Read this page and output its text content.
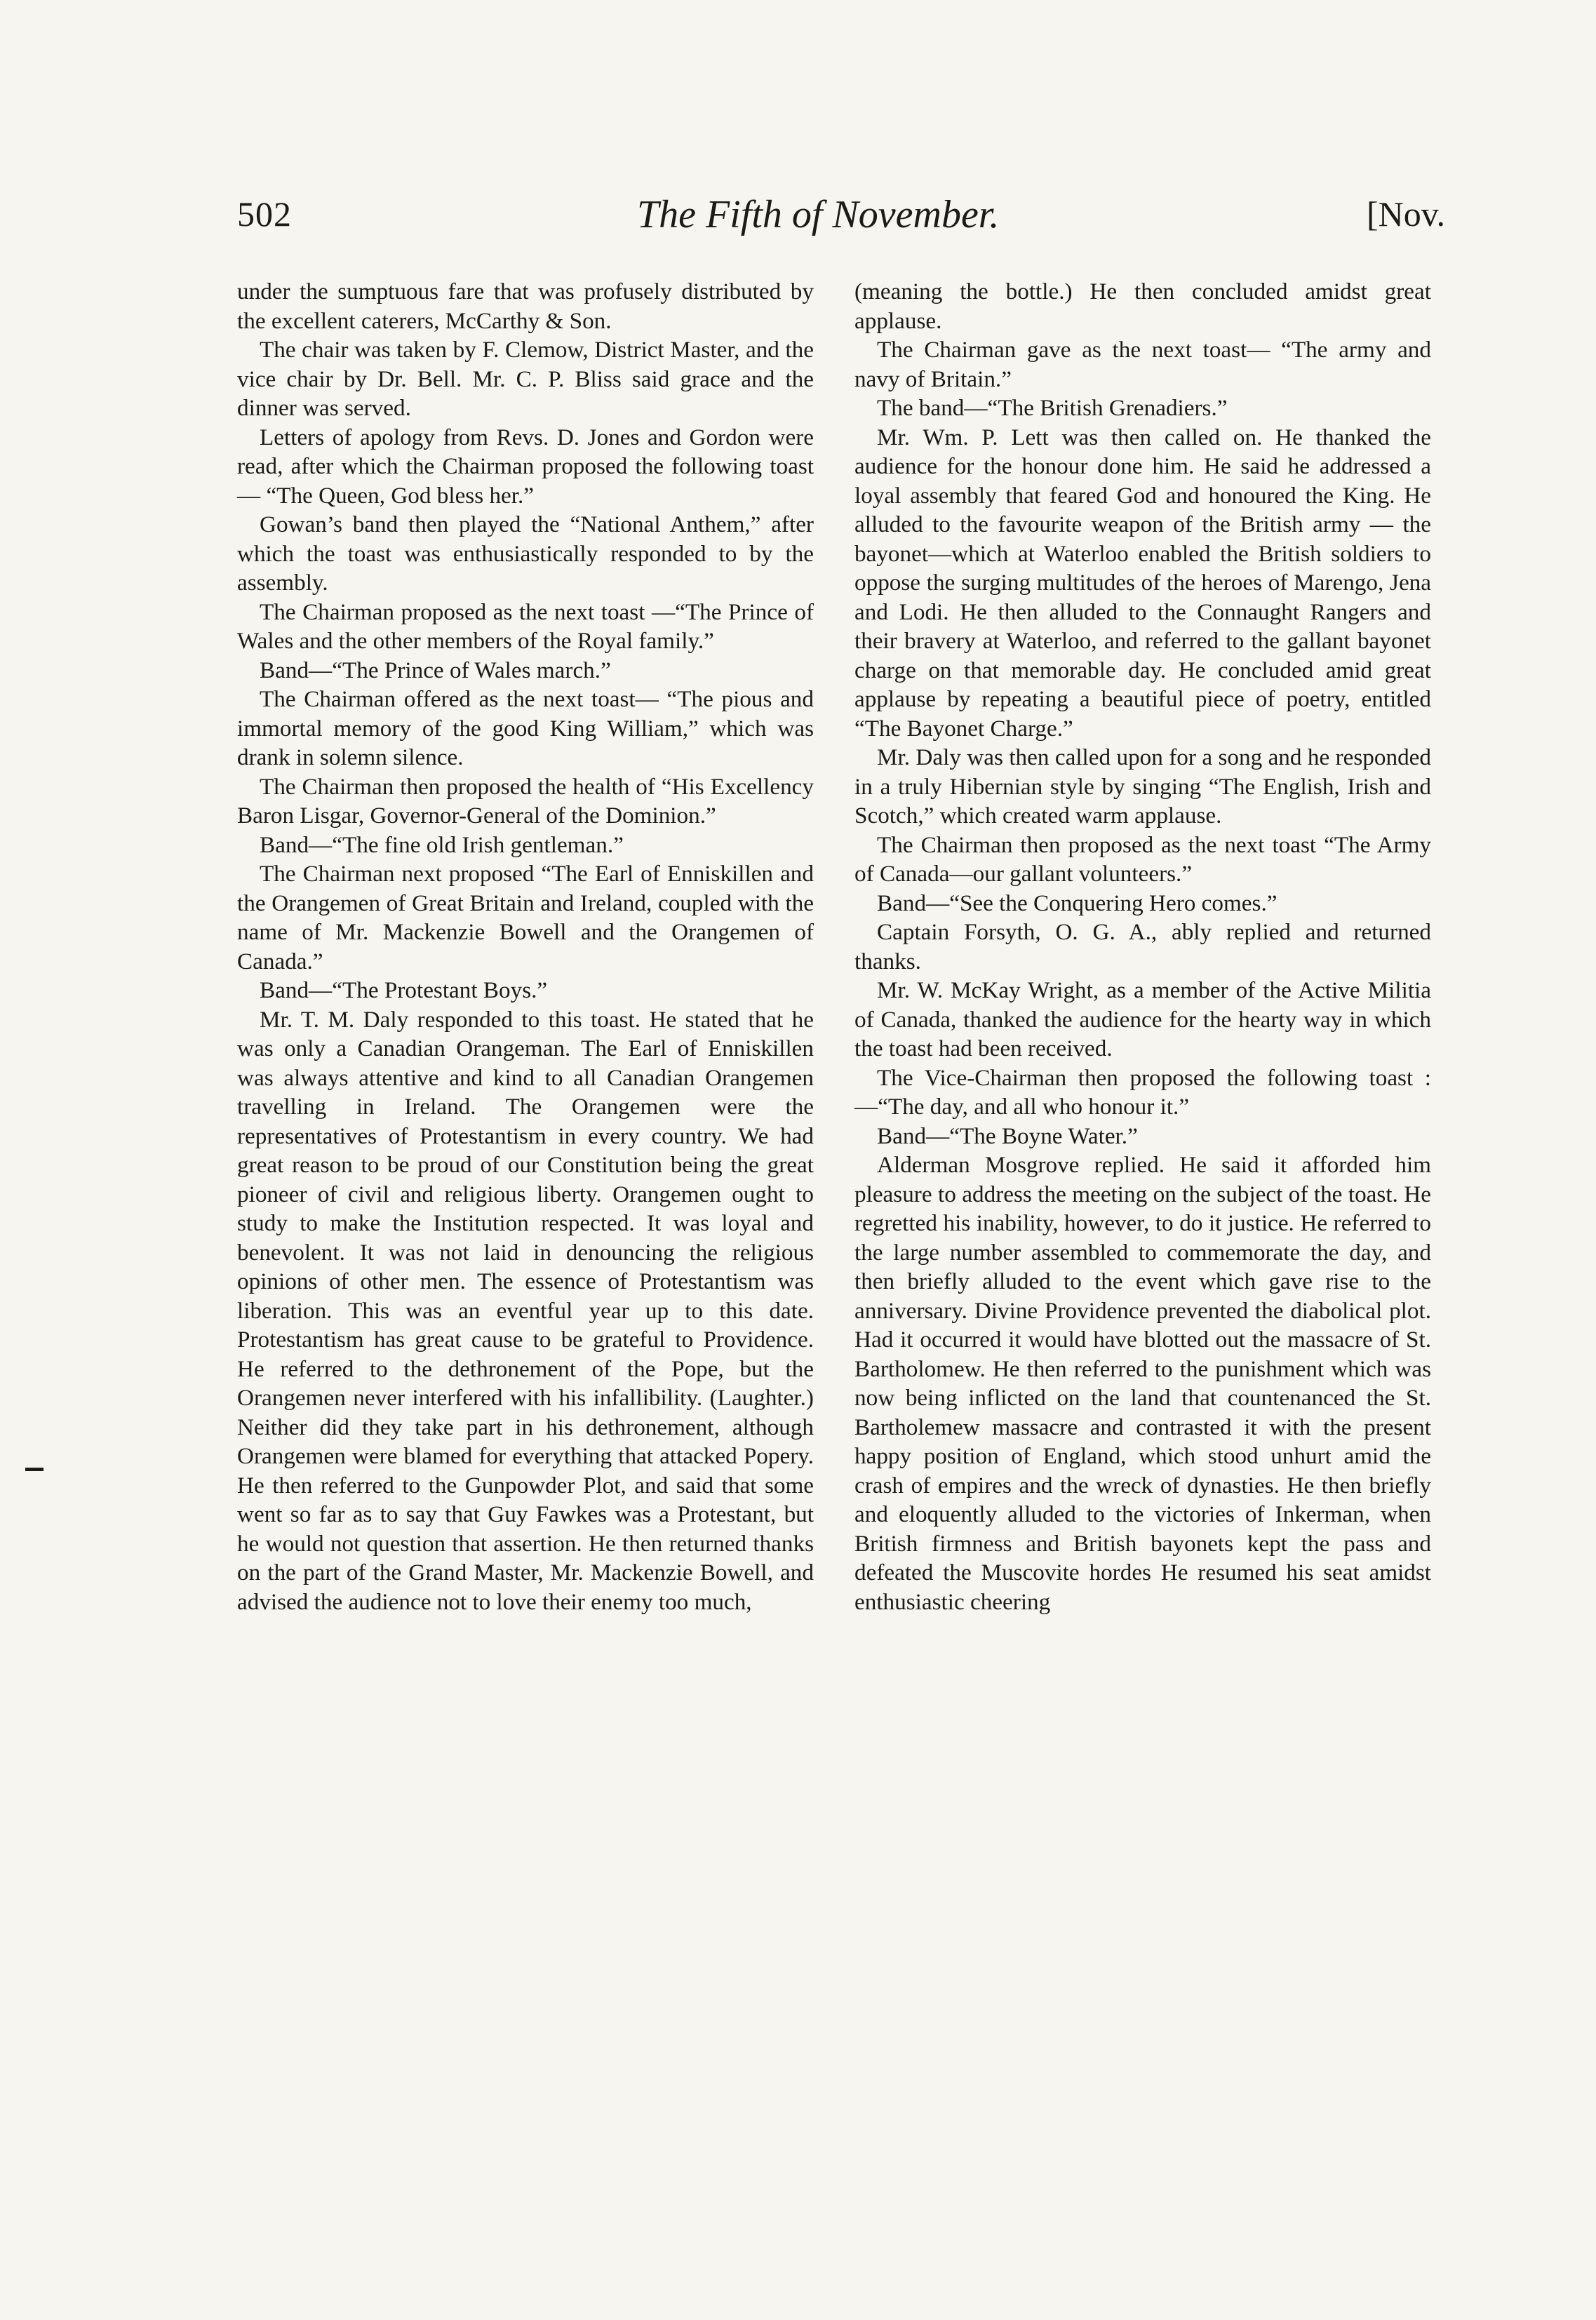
502	The Fifth of November.	[Nov.

under the sumptuous fare that was profusely distributed by the excellent caterers, McCarthy & Son.

The chair was taken by F. Clemow, District Master, and the vice chair by Dr. Bell. Mr. C. P. Bliss said grace and the dinner was served.

Letters of apology from Revs. D. Jones and Gordon were read, after which the Chairman proposed the following toast— “The Queen, God bless her.”

Gowan’s band then played the “National Anthem,” after which the toast was enthusiastically responded to by the assembly.

The Chairman proposed as the next toast —“The Prince of Wales and the other members of the Royal family.”

Band—“The Prince of Wales march.”

The Chairman offered as the next toast— “The pious and immortal memory of the good King William,” which was drank in solemn silence.

The Chairman then proposed the health of “His Excellency Baron Lisgar, Governor-General of the Dominion.”

Band—“The fine old Irish gentleman.”

The Chairman next proposed “The Earl of Enniskillen and the Orangemen of Great Britain and Ireland, coupled with the name of Mr. Mackenzie Bowell and the Orangemen of Canada.”

Band—“The Protestant Boys.”

Mr. T. M. Daly responded to this toast. He stated that he was only a Canadian Orangeman. The Earl of Enniskillen was always attentive and kind to all Canadian Orangemen travelling in Ireland. The Orangemen were the representatives of Protestantism in every country. We had great reason to be proud of our Constitution being the great pioneer of civil and religious liberty. Orangemen ought to study to make the Institution respected. It was loyal and benevolent. It was not laid in denouncing the religious opinions of other men. The essence of Protestantism was liberation. This was an eventful year up to this date. Protestantism has great cause to be grateful to Providence. He referred to the dethronement of the Pope, but the Orangemen never interfered with his infallibility. (Laughter.) Neither did they take part in his dethronement, although Orangemen were blamed for everything that attacked Popery. He then referred to the Gunpowder Plot, and said that some went so far as to say that Guy Fawkes was a Protestant, but he would not question that assertion. He then returned thanks on the part of the Grand Master, Mr. Mackenzie Bowell, and advised the audience not to love their enemy too much,

(meaning the bottle.) He then concluded amidst great applause.

The Chairman gave as the next toast— “The army and navy of Britain.”

The band—“The British Grenadiers.”

Mr. Wm. P. Lett was then called on. He thanked the audience for the honour done him. He said he addressed a loyal assembly that feared God and honoured the King. He alluded to the favourite weapon of the British army — the bayonet—which at Waterloo enabled the British soldiers to oppose the surging multitudes of the heroes of Marengo, Jena and Lodi. He then alluded to the Connaught Rangers and their bravery at Waterloo, and referred to the gallant bayonet charge on that memorable day. He concluded amid great applause by repeating a beautiful piece of poetry, entitled “The Bayonet Charge.”

Mr. Daly was then called upon for a song and he responded in a truly Hibernian style by singing “The English, Irish and Scotch,” which created warm applause.

The Chairman then proposed as the next toast “The Army of Canada—our gallant volunteers.”

Band—“See the Conquering Hero comes.”

Captain Forsyth, O. G. A., ably replied and returned thanks.

Mr. W. McKay Wright, as a member of the Active Militia of Canada, thanked the audience for the hearty way in which the toast had been received.

The Vice-Chairman then proposed the following toast :—“The day, and all who honour it.”

Band—“The Boyne Water.”

Alderman Mosgrove replied. He said it afforded him pleasure to address the meeting on the subject of the toast. He regretted his inability, however, to do it justice. He referred to the large number assembled to commemorate the day, and then briefly alluded to the event which gave rise to the anniversary. Divine Providence prevented the diabolical plot. Had it occurred it would have blotted out the massacre of St. Bartholomew. He then referred to the punishment which was now being inflicted on the land that countenanced the St. Bartholemew massacre and contrasted it with the present happy position of England, which stood unhurt amid the crash of empires and the wreck of dynasties. He then briefly and eloquently alluded to the victories of Inkerman, when British firmness and British bayonets kept the pass and defeated the Muscovite hordes He resumed his seat amidst enthusiastic cheering
